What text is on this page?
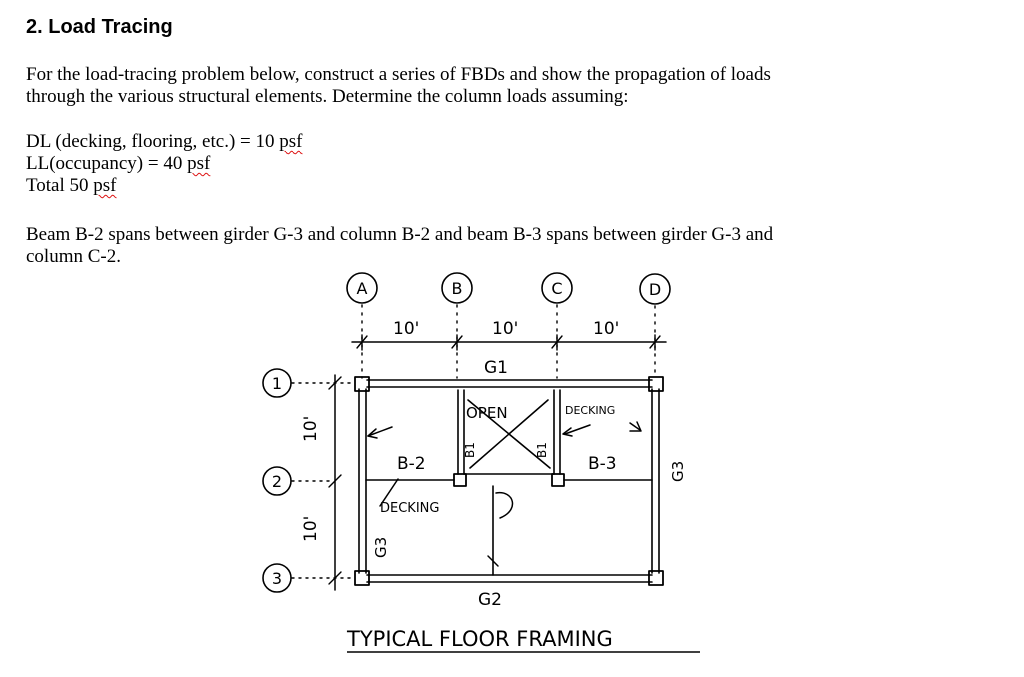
2. Load Tracing

For the load-tracing problem below, construct a series of FBDs and show the propagation of loads
through the various structural elements. Determine the column loads assuming:

DL (decking, flooring, etc.) = 10 psf
LL(occupancy) = 40 psf
Total 50 psf

Beam B-2 spans between girder G-3 and column B-2 and beam B-3 spans between girder G-3 and
column C-2.

A	B	C	D
1
2
3
10'	10'	10'
10'
10'
G1
G2
G3
G3
OPEN	DECKING
DECKING
B-2	B-3
B1	B1
TYPICAL FLOOR FRAMING
